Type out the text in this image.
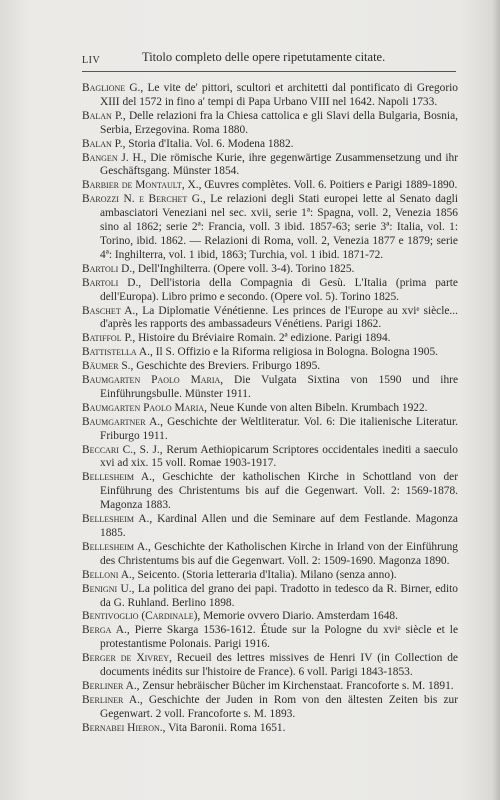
LIV	Titolo completo delle opere ripetutamente citate.

Baglione G., Le vite de' pittori, scultori et architetti dal pontificato di Gregorio XIII del 1572 in fino a' tempi di Papa Urbano VIII nel 1642. Napoli 1733.

Balan P., Delle relazioni fra la Chiesa cattolica e gli Slavi della Bulgaria, Bosnia, Serbia, Erzegovina. Roma 1880.

Balan P., Storia d'Italia. Vol. 6. Modena 1882.

Bangen J. H., Die römische Kurie, ihre gegenwärtige Zusammensetzung und ihr Geschäftsgang. Münster 1854.

Barbier de Montault, X., Œuvres complètes. Voll. 6. Poitiers e Parigi 1889-1890.

Barozzi N. e Berchet G., Le relazioni degli Stati europei lette al Senato dagli ambasciatori Veneziani nel sec. xvii, serie 1ª: Spagna, voll. 2, Venezia 1856 sino al 1862; serie 2ª: Francia, voll. 3 ibid. 1857-63; serie 3ª: Italia, vol. 1: Torino, ibid. 1862. — Relazioni di Roma, voll. 2, Venezia 1877 e 1879; serie 4ª: Inghilterra, vol. 1 ibid, 1863; Turchia, vol. 1 ibid. 1871-72.

Bartoli D., Dell'Inghilterra. (Opere voll. 3-4). Torino 1825.

Bartoli D., Dell'istoria della Compagnia di Gesù. L'Italia (prima parte dell'Europa). Libro primo e secondo. (Opere vol. 5). Torino 1825.

Baschet A., La Diplomatie Vénétienne. Les princes de l'Europe au xviᵉ siècle... d'après les rapports des ambassadeurs Vénétiens. Parigi 1862.

Batiffol P., Histoire du Bréviaire Romain. 2ª edizione. Parigi 1894.

Battistella A., Il S. Offizio e la Riforma religiosa in Bologna. Bologna 1905.

Bäumer S., Geschichte des Breviers. Friburgo 1895.

Baumgarten Paolo Maria, Die Vulgata Sixtina von 1590 und ihre Einführungsbulle. Münster 1911.

Baumgarten Paolo Maria, Neue Kunde von alten Bibeln. Krumbach 1922.

Baumgartner A., Geschichte der Weltliteratur. Vol. 6: Die italienische Literatur. Friburgo 1911.

Beccari C., S. J., Rerum Aethiopicarum Scriptores occidentales inediti a saeculo xvi ad xix. 15 voll. Romae 1903-1917.

Bellesheim A., Geschichte der katholischen Kirche in Schottland von der Einführung des Christentums bis auf die Gegenwart. Voll. 2: 1569-1878. Magonza 1883.

Bellesheim A., Kardinal Allen und die Seminare auf dem Festlande. Magonza 1885.

Bellesheim A., Geschichte der Katholischen Kirche in Irland von der Einführung des Christentums bis auf die Gegenwart. Voll. 2: 1509-1690. Magonza 1890.

Belloni A., Seicento. (Storia letteraria d'Italia). Milano (senza anno).

Benigni U., La politica del grano dei papi. Tradotto in tedesco da R. Birner, edito da G. Ruhland. Berlino 1898.

Bentivoglio (Cardinale), Memorie ovvero Diario. Amsterdam 1648.

Berga A., Pierre Skarga 1536-1612. Étude sur la Pologne du xviᵉ siècle et le protestantisme Polonais. Parigi 1916.

Berger de Xivrey, Recueil des lettres missives de Henri IV (in Collection de documents inédits sur l'histoire de France). 6 voll. Parigi 1843-1853.

Berliner A., Zensur hebräischer Bücher im Kirchenstaat. Francoforte s. M. 1891.

Berliner A., Geschichte der Juden in Rom von den ältesten Zeiten bis zur Gegenwart. 2 voll. Francoforte s. M. 1893.

Bernabei Hieron., Vita Baronii. Roma 1651.
